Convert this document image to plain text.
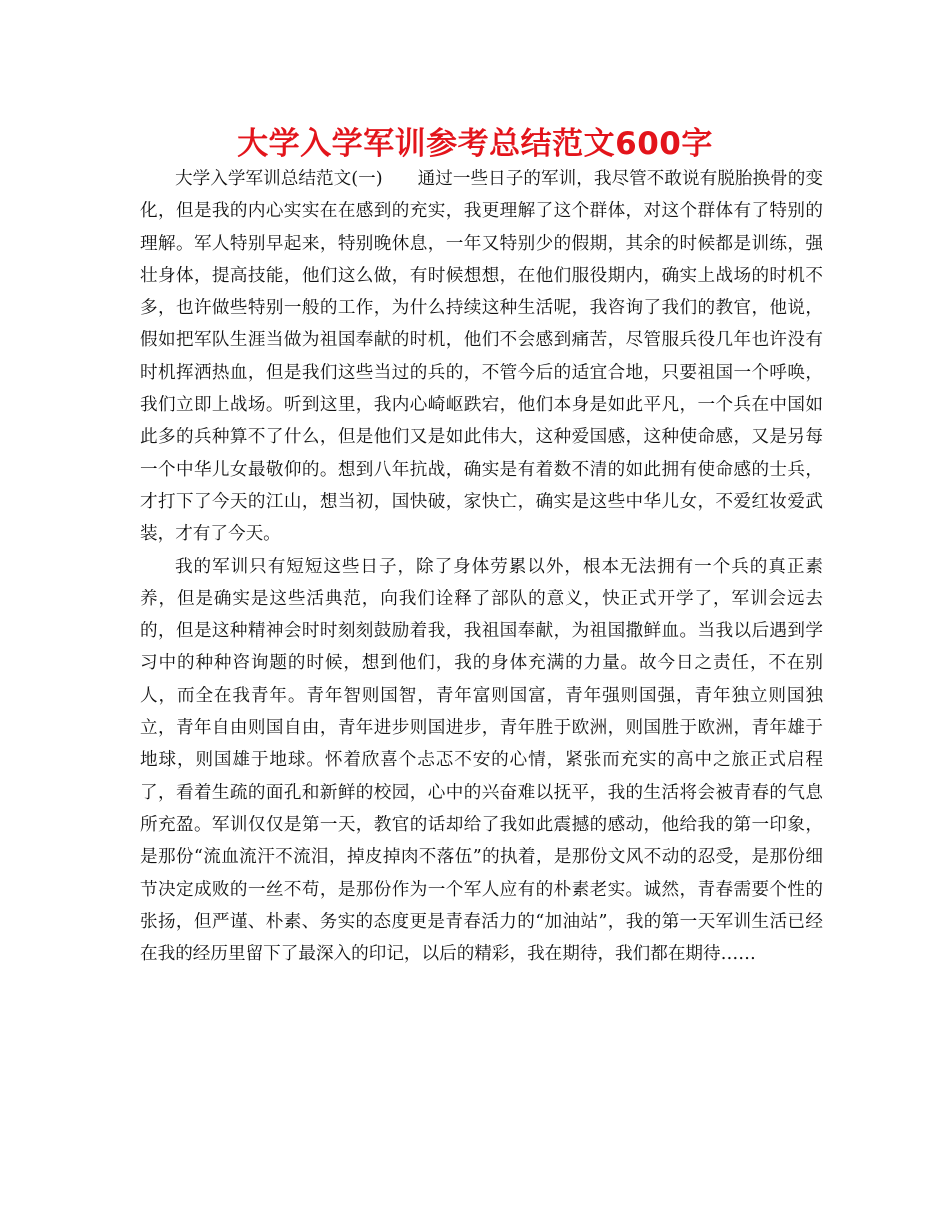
大学入学军训参考总结范文600字

大学入学军训总结范文(一) 通过一些日子的军训，我尽管不敢说有脱胎换骨的变化，但是我的内心实实在在感到的充实，我更理解了这个群体，对这个群体有了特别的理解。军人特别早起来，特别晚休息，一年又特别少的假期，其余的时候都是训练，强壮身体，提高技能，他们这么做，有时候想想，在他们服役期内，确实上战场的时机不多，也许做些特别一般的工作，为什么持续这种生活呢，我咨询了我们的教官，他说，假如把军队生涯当做为祖国奉献的时机，他们不会感到痛苦，尽管服兵役几年也许没有时机挥洒热血，但是我们这些当过的兵的，不管今后的适宜合地，只要祖国一个呼唤，我们立即上战场。听到这里，我内心崎岖跌宕，他们本身是如此平凡，一个兵在中国如此多的兵种算不了什么，但是他们又是如此伟大，这种爱国感，这种使命感，又是另每一个中华儿女最敬仰的。想到八年抗战，确实是有着数不清的如此拥有使命感的士兵，才打下了今天的江山，想当初，国快破，家快亡，确实是这些中华儿女，不爱红妆爱武装，才有了今天。

我的军训只有短短这些日子，除了身体劳累以外，根本无法拥有一个兵的真正素养，但是确实是这些活典范，向我们诠释了部队的意义，快正式开学了，军训会远去的，但是这种精神会时时刻刻鼓励着我，我祖国奉献，为祖国撒鲜血。当我以后遇到学习中的种种咨询题的时候，想到他们，我的身体充满的力量。故今日之责任，不在别人，而全在我青年。青年智则国智，青年富则国富，青年强则国强，青年独立则国独立，青年自由则国自由，青年进步则国进步，青年胜于欧洲，则国胜于欧洲，青年雄于地球，则国雄于地球。怀着欣喜个忐忑不安的心情，紧张而充实的高中之旅正式启程了，看着生疏的面孔和新鲜的校园，心中的兴奋难以抚平，我的生活将会被青春的气息所充盈。军训仅仅是第一天，教官的话却给了我如此震撼的感动，他给我的第一印象，是那份“流血流汗不流泪，掉皮掉肉不落伍”的执着，是那份文风不动的忍受，是那份细节决定成败的一丝不苟，是那份作为一个军人应有的朴素老实。诚然，青春需要个性的张扬，但严谨、朴素、务实的态度更是青春活力的“加油站”，我的第一天军训生活已经在我的经历里留下了最深入的印记，以后的精彩，我在期待，我们都在期待……
